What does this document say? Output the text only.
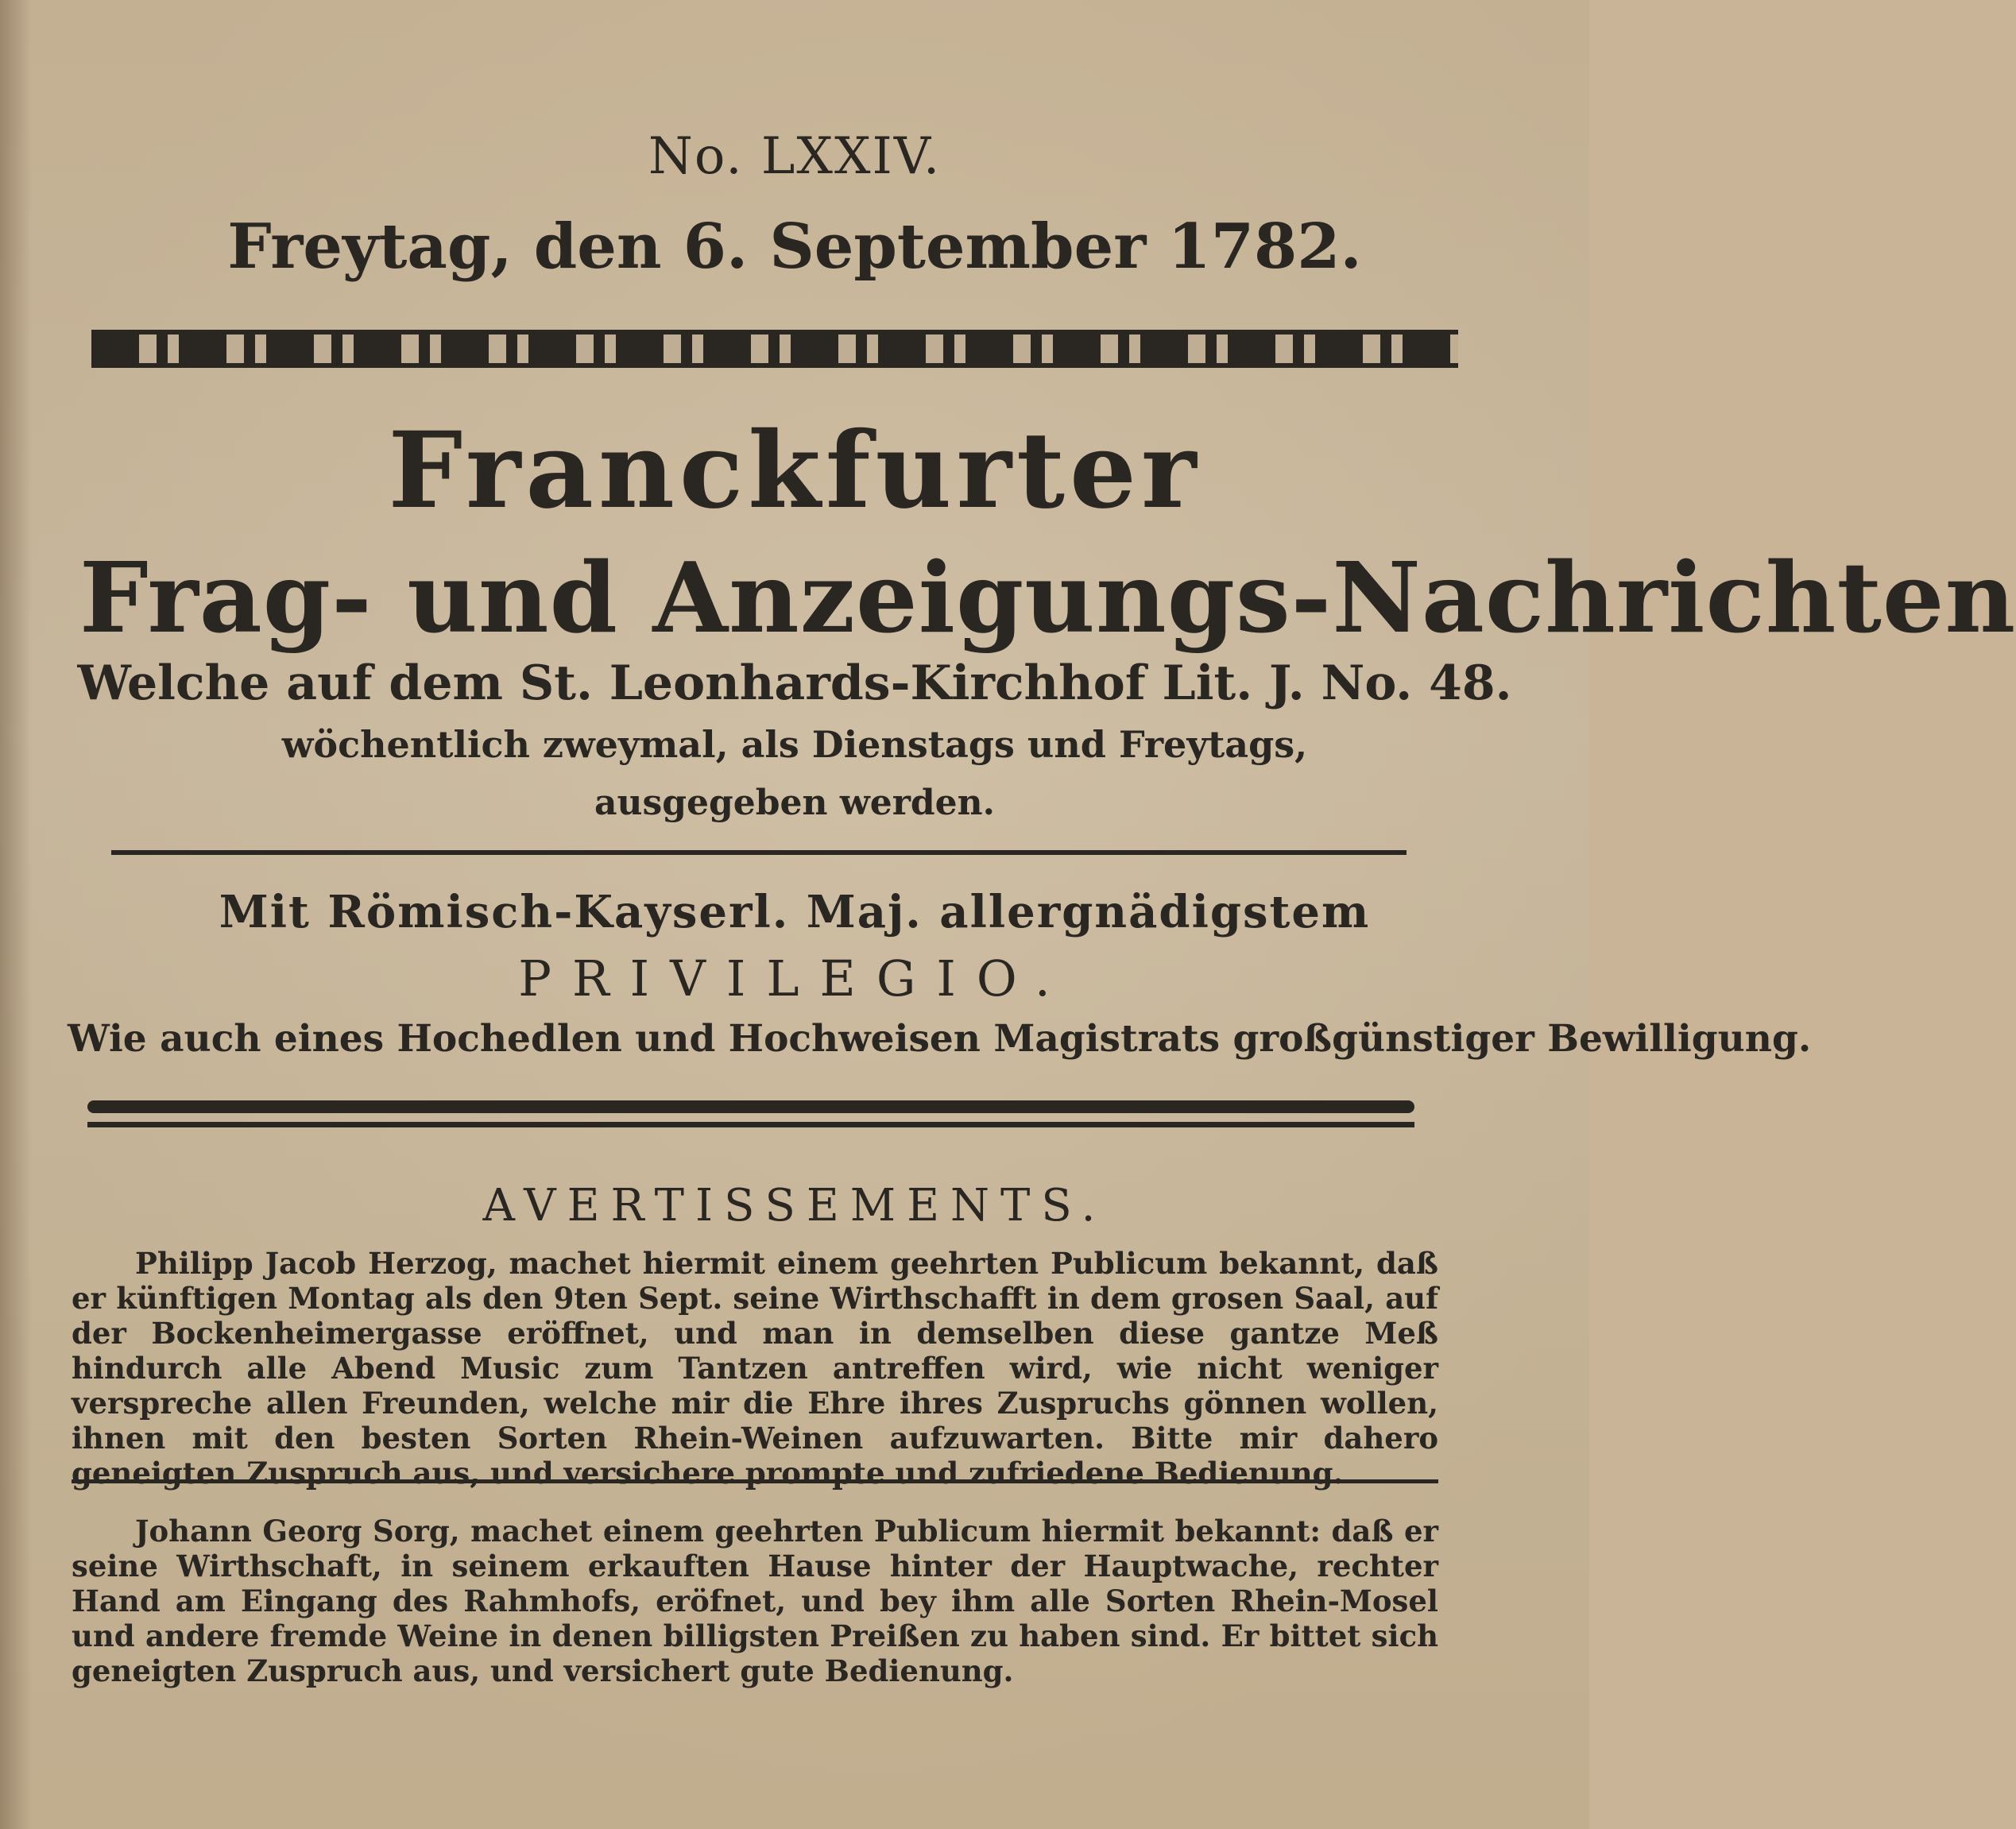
No. LXXIV.
Freytag, den 6. September 1782.
Franckfurter
Frag- und Anzeigungs-Nachrichten
Welche auf dem St. Leonhards-Kirchhof Lit. J. No. 48.
wöchentlich zweymal, als Dienstags und Freytags,
ausgegeben werden.
Mit Römisch-Kayserl. Maj. allergnädigstem
PRIVILEGIO.
Wie auch eines Hochedlen und Hochweisen Magistrats großgünstiger Bewilligung.
AVERTISSEMENTS.

Philipp Jacob Herzog, machet hiermit einem geehrten Publicum bekannt, daß er künftigen Montag als den 9ten Sept. seine Wirthschafft in dem grosen Saal, auf der Bockenheimergasse eröffnet, und man in demselben diese gantze Meß hindurch alle Abend Music zum Tantzen antreffen wird, wie nicht weniger verspreche allen Freunden, welche mir die Ehre ihres Zuspruchs gönnen wollen, ihnen mit den besten Sorten Rhein-Weinen aufzuwarten. Bitte mir dahero geneigten Zuspruch aus, und versichere prompte und zufriedene Bedienung.

Johann Georg Sorg, machet einem geehrten Publicum hiermit bekannt: daß er seine Wirthschaft, in seinem erkauften Hause hinter der Hauptwache, rechter Hand am Eingang des Rahmhofs, eröfnet, und bey ihm alle Sorten Rhein-Mosel und andere fremde Weine in denen billigsten Preißen zu haben sind. Er bittet sich geneigten Zuspruch aus, und versichert gute Bedienung.
